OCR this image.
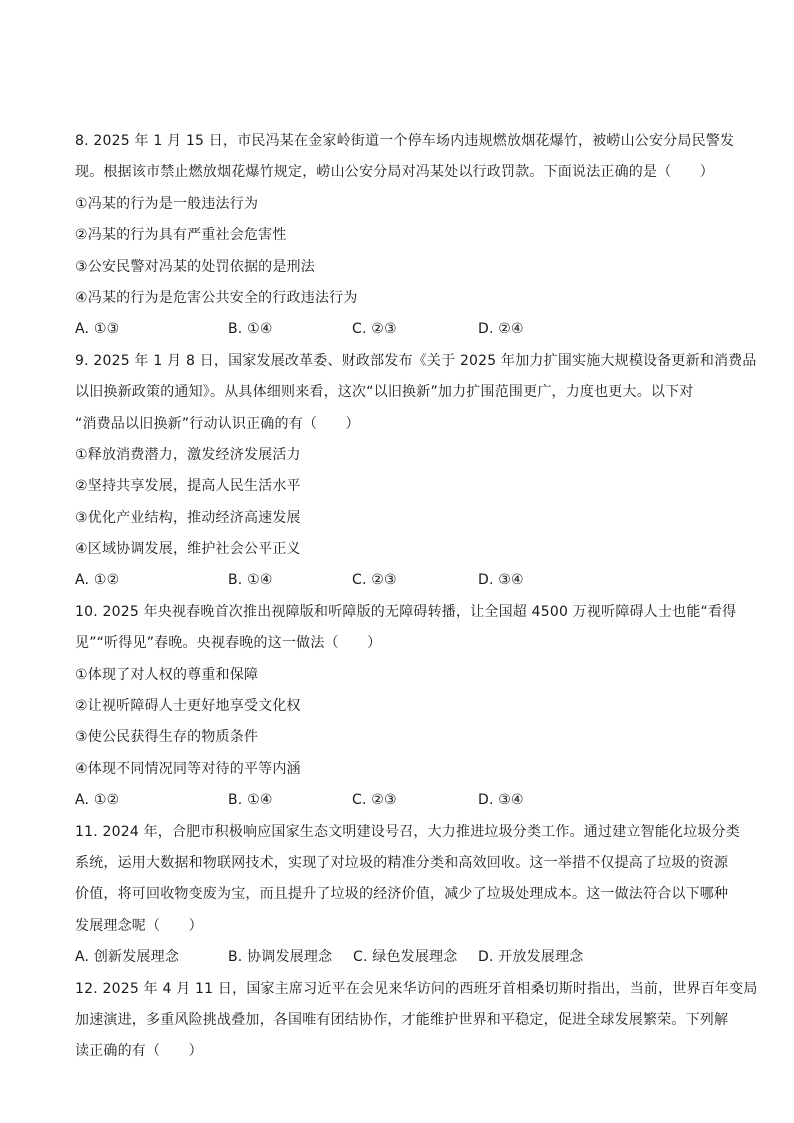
8. 2025 年 1 月 15 日，市民冯某在金家岭街道一个停车场内违规燃放烟花爆竹，被崂山公安分局民警发
现。根据该市禁止燃放烟花爆竹规定，崂山公安分局对冯某处以行政罚款。下面说法正确的是（　　）
①冯某的行为是一般违法行为
②冯某的行为具有严重社会危害性
③公安民警对冯某的处罚依据的是刑法
④冯某的行为是危害公共安全的行政违法行为
A. ①③	B. ①④	C. ②③	D. ②④
9. 2025 年 1 月 8 日，国家发展改革委、财政部发布《关于 2025 年加力扩围实施大规模设备更新和消费品
以旧换新政策的通知》。从具体细则来看，这次“以旧换新”加力扩围范围更广，力度也更大。以下对
“消费品以旧换新”行动认识正确的有（　　）
①释放消费潜力，激发经济发展活力
②坚持共享发展，提高人民生活水平
③优化产业结构，推动经济高速发展
④区域协调发展，维护社会公平正义
A. ①②	B. ①④	C. ②③	D. ③④
10. 2025 年央视春晚首次推出视障版和听障版的无障碍转播，让全国超 4500 万视听障碍人士也能“看得
见”“听得见”春晚。央视春晚的这一做法（　　）
①体现了对人权的尊重和保障
②让视听障碍人士更好地享受文化权
③使公民获得生存的物质条件
④体现不同情况同等对待的平等内涵
A. ①②	B. ①④	C. ②③	D. ③④
11. 2024 年，合肥市积极响应国家生态文明建设号召，大力推进垃圾分类工作。通过建立智能化垃圾分类
系统，运用大数据和物联网技术，实现了对垃圾的精准分类和高效回收。这一举措不仅提高了垃圾的资源
价值，将可回收物变废为宝，而且提升了垃圾的经济价值，减少了垃圾处理成本。这一做法符合以下哪种
发展理念呢（　　）
A. 创新发展理念	B. 协调发展理念 C. 绿色发展理念 D. 开放发展理念
12. 2025 年 4 月 11 日，国家主席习近平在会见来华访问的西班牙首相桑切斯时指出，当前，世界百年变局
加速演进，多重风险挑战叠加，各国唯有团结协作，才能维护世界和平稳定，促进全球发展繁荣。下列解
读正确的有（　　）
